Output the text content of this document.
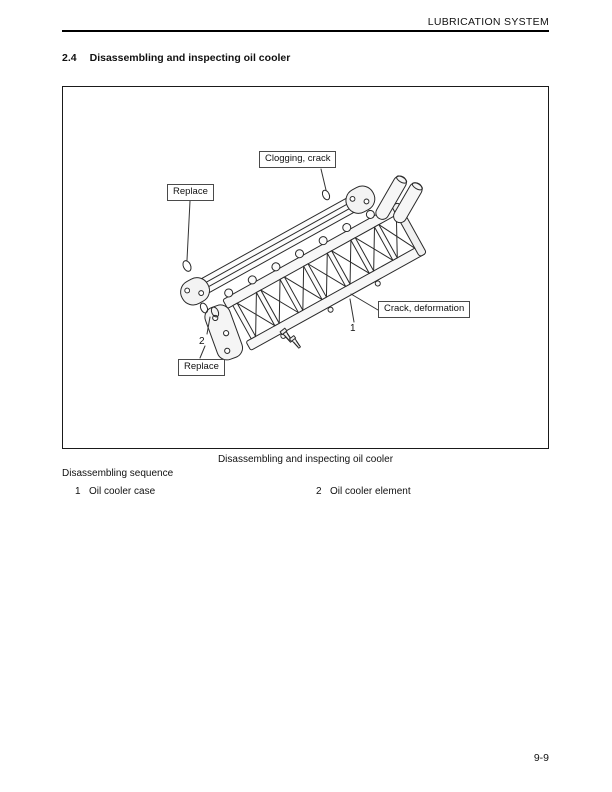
LUBRICATION SYSTEM
2.4 Disassembling and inspecting oil cooler
Clogging, crack
Replace
Crack, deformation
Replace
1
2
Disassembling and inspecting oil cooler
Disassembling sequence
1 Oil cooler case	2 Oil cooler element
9-9
